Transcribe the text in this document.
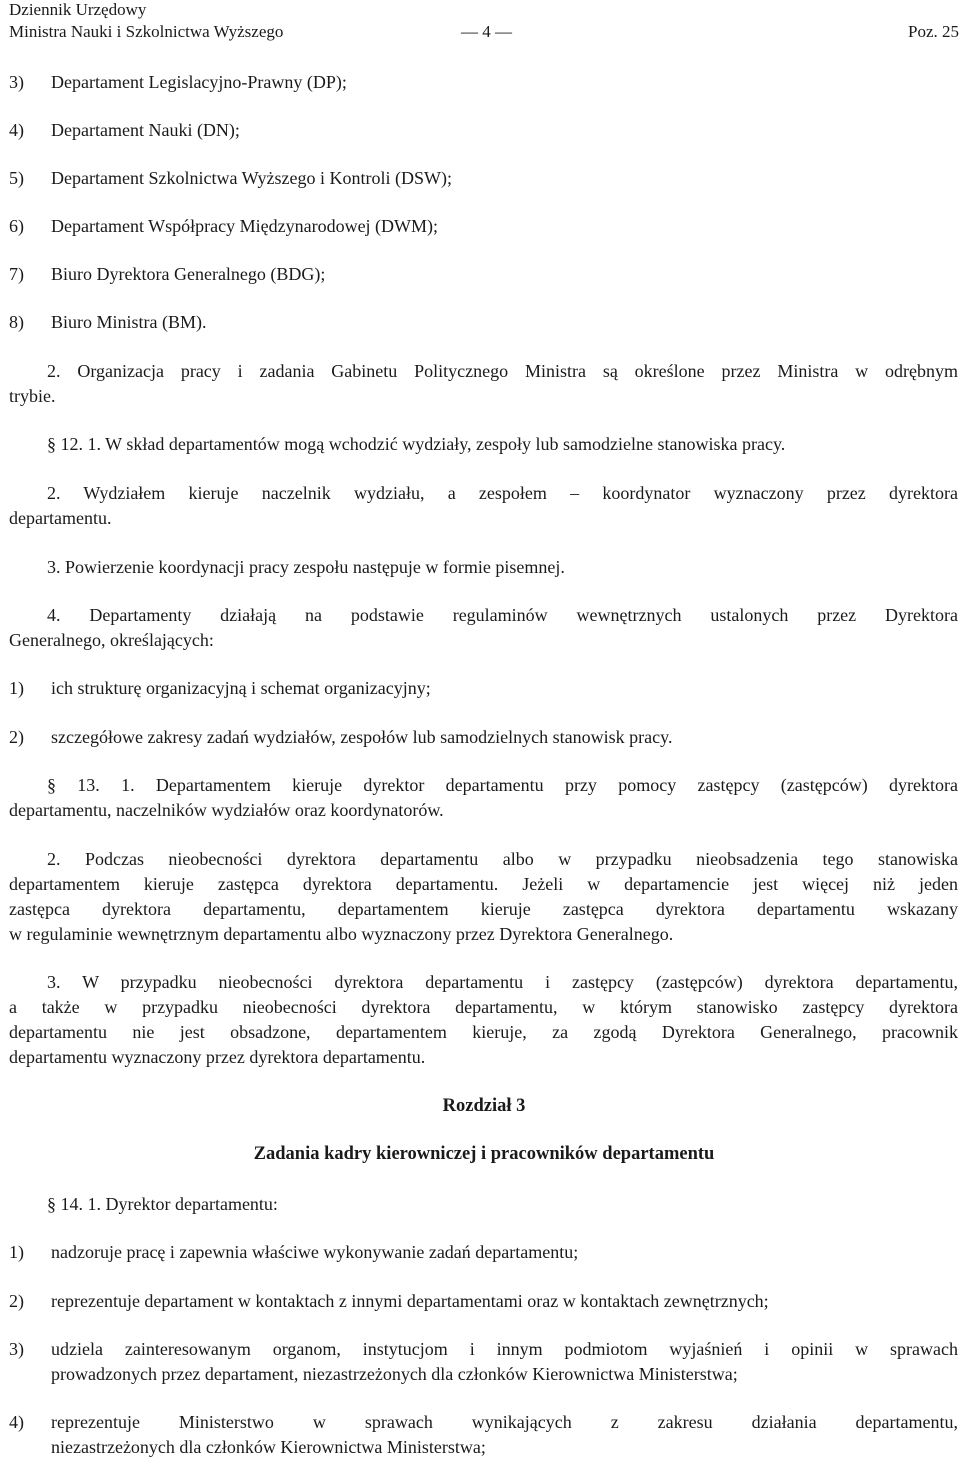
Dziennik Urzędowy
Ministra Nauki i Szkolnictwa Wyższego	— 4 —	Poz. 25
3) Departament Legislacyjno-Prawny (DP);
4) Departament Nauki (DN);
5) Departament Szkolnictwa Wyższego i Kontroli (DSW);
6) Departament Współpracy Międzynarodowej (DWM);
7) Biuro Dyrektora Generalnego (BDG);
8) Biuro Ministra (BM).
2. Organizacja pracy i zadania Gabinetu Politycznego Ministra są określone przez Ministra w odrębnym
trybie.
§ 12. 1. W skład departamentów mogą wchodzić wydziały, zespoły lub samodzielne stanowiska pracy.
2. Wydziałem kieruje naczelnik wydziału, a zespołem – koordynator wyznaczony przez dyrektora
departamentu.
3. Powierzenie koordynacji pracy zespołu następuje w formie pisemnej.
4. Departamenty działają na podstawie regulaminów wewnętrznych ustalonych przez Dyrektora
Generalnego, określających:
1) ich strukturę organizacyjną i schemat organizacyjny;
2) szczegółowe zakresy zadań wydziałów, zespołów lub samodzielnych stanowisk pracy.
§ 13. 1. Departamentem kieruje dyrektor departamentu przy pomocy zastępcy (zastępców) dyrektora
departamentu, naczelników wydziałów oraz koordynatorów.
2. Podczas nieobecności dyrektora departamentu albo w przypadku nieobsadzenia tego stanowiska
departamentem kieruje zastępca dyrektora departamentu. Jeżeli w departamencie jest więcej niż jeden
zastępca dyrektora departamentu, departamentem kieruje zastępca dyrektora departamentu wskazany
w regulaminie wewnętrznym departamentu albo wyznaczony przez Dyrektora Generalnego.
3. W przypadku nieobecności dyrektora departamentu i zastępcy (zastępców) dyrektora departamentu,
a także w przypadku nieobecności dyrektora departamentu, w którym stanowisko zastępcy dyrektora
departamentu nie jest obsadzone, departamentem kieruje, za zgodą Dyrektora Generalnego, pracownik
departamentu wyznaczony przez dyrektora departamentu.
Rozdział 3
Zadania kadry kierowniczej i pracowników departamentu
§ 14. 1. Dyrektor departamentu:
1) nadzoruje pracę i zapewnia właściwe wykonywanie zadań departamentu;
2) reprezentuje departament w kontaktach z innymi departamentami oraz w kontaktach zewnętrznych;
3) udziela zainteresowanym organom, instytucjom i innym podmiotom wyjaśnień i opinii w sprawach
prowadzonych przez departament, niezastrzeżonych dla członków Kierownictwa Ministerstwa;
4) reprezentuje Ministerstwo w sprawach wynikających z zakresu działania departamentu,
niezastrzeżonych dla członków Kierownictwa Ministerstwa;
